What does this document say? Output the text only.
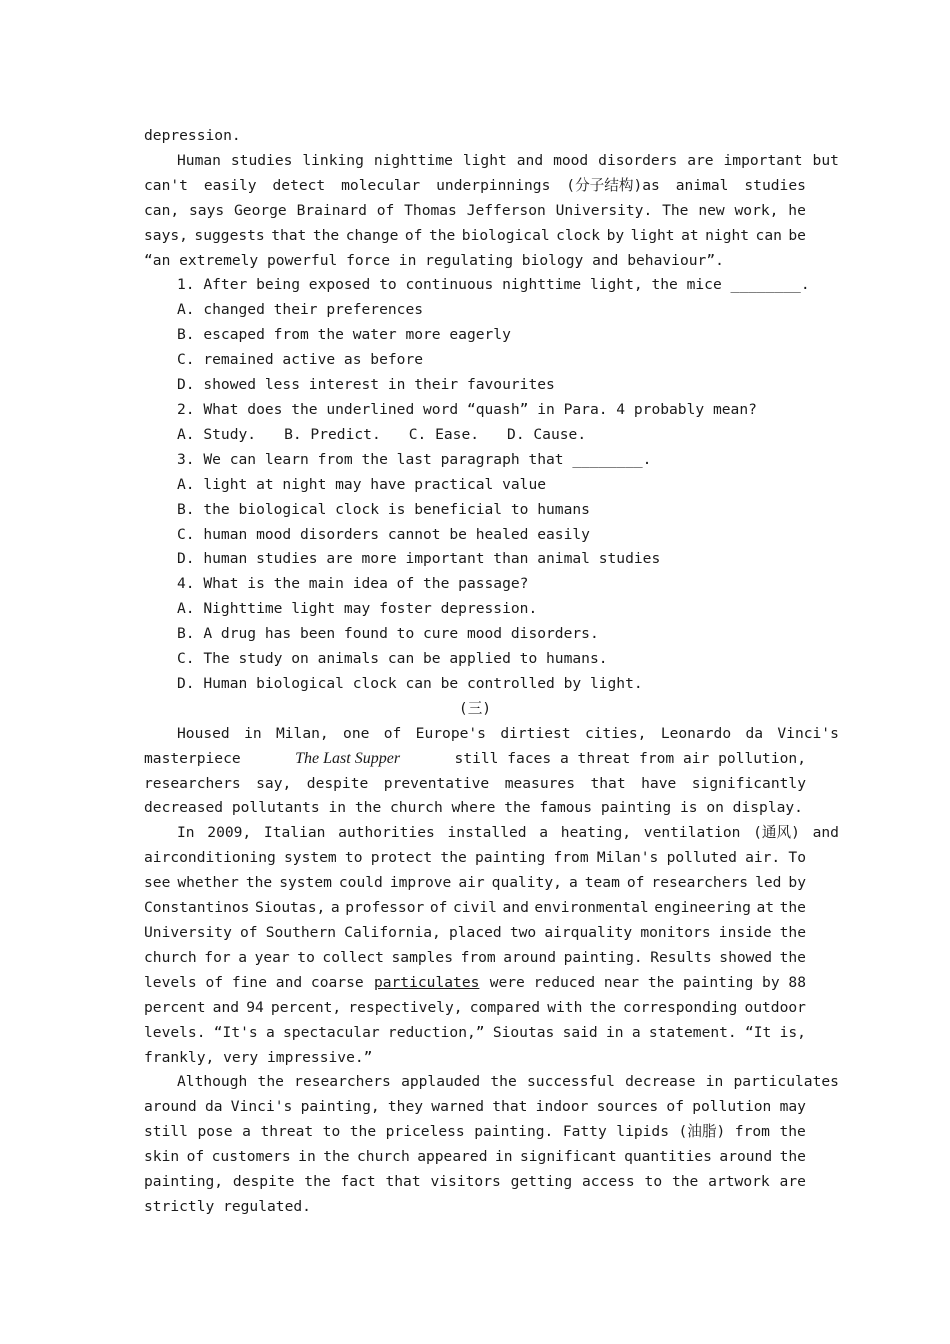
depression.
Human studies linking nighttime light and mood disorders are important but
can't easily detect molecular underpinnings (分子结构)as animal studies
can, says George Brainard of Thomas Jefferson University. The new work, he
says, suggests that the change of the biological clock by light at night can be
“an extremely powerful force in regulating biology and behaviour”.
1. After being exposed to continuous nighttime light, the mice ________.
A. changed their preferences
B. escaped from the water more eagerly
C. remained active as before
D. showed less interest in their favourites
2. What does the underlined word “quash” in Para. 4 probably mean?
A. Study. B. Predict. C. Ease. D. Cause.
3. We can learn from the last paragraph that ________.
A. light at night may have practical value
B. the biological clock is beneficial to humans
C. human mood disorders cannot be healed easily
D. human studies are more important than animal studies
4. What is the main idea of the passage?
A. Nighttime light may foster depression.
B. A drug has been found to cure mood disorders.
C. The study on animals can be applied to humans.
D. Human biological clock can be controlled by light.
(三)
Housed in Milan, one of Europe's dirtiest cities, Leonardo da Vinci's
masterpiece	The Last Supper	still faces a threat from air pollution,
researchers say, despite preventative measures that have significantly
decreased pollutants in the church where the famous painting is on display.
In 2009, Italian authorities installed a heating, ventilation (通风) and
airconditioning system to protect the painting from Milan's polluted air. To
see whether the system could improve air quality, a team of researchers led by
Constantinos Sioutas, a professor of civil and environmental engineering at the
University of Southern California, placed two airquality monitors inside the
church for a year to collect samples from around painting. Results showed the
levels of fine and coarse particulates were reduced near the painting by 88
percent and 94 percent, respectively, compared with the corresponding outdoor
levels. “It's a spectacular reduction,” Sioutas said in a statement. “It is,
frankly, very impressive.”
Although the researchers applauded the successful decrease in particulates
around da Vinci's painting, they warned that indoor sources of pollution may
still pose a threat to the priceless painting. Fatty lipids (油脂) from the
skin of customers in the church appeared in significant quantities around the
painting, despite the fact that visitors getting access to the artwork are
strictly regulated.
